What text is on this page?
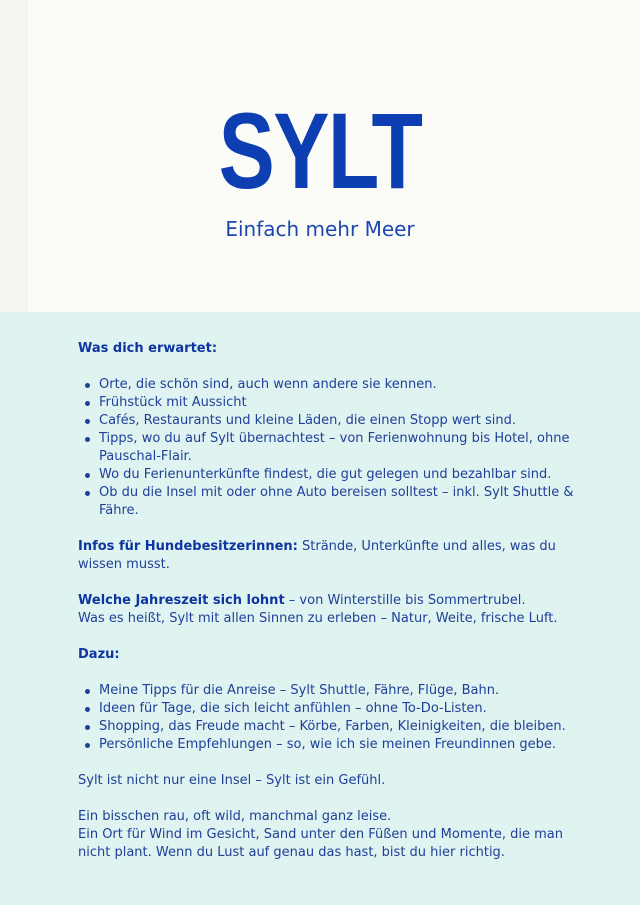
SYLT
Einfach mehr Meer

Was dich erwartet:

Orte, die schön sind, auch wenn andere sie kennen.
Frühstück mit Aussicht
Cafés, Restaurants und kleine Läden, die einen Stopp wert sind.
Tipps, wo du auf Sylt übernachtest – von Ferienwohnung bis Hotel, ohne Pauschal-Flair.
Wo du Ferienunterkünfte findest, die gut gelegen und bezahlbar sind.
Ob du die Insel mit oder ohne Auto bereisen solltest – inkl. Sylt Shuttle & Fähre.

Infos für Hundebesitzerinnen: Strände, Unterkünfte und alles, was du wissen musst.

Welche Jahreszeit sich lohnt – von Winterstille bis Sommertrubel.

Was es heißt, Sylt mit allen Sinnen zu erleben – Natur, Weite, frische Luft.

Dazu:

Meine Tipps für die Anreise – Sylt Shuttle, Fähre, Flüge, Bahn.
Ideen für Tage, die sich leicht anfühlen – ohne To-Do-Listen.
Shopping, das Freude macht – Körbe, Farben, Kleinigkeiten, die bleiben.
Persönliche Empfehlungen – so, wie ich sie meinen Freundinnen gebe.

Sylt ist nicht nur eine Insel – Sylt ist ein Gefühl.

Ein bisschen rau, oft wild, manchmal ganz leise.

Ein Ort für Wind im Gesicht, Sand unter den Füßen und Momente, die man nicht plant. Wenn du Lust auf genau das hast, bist du hier richtig.
